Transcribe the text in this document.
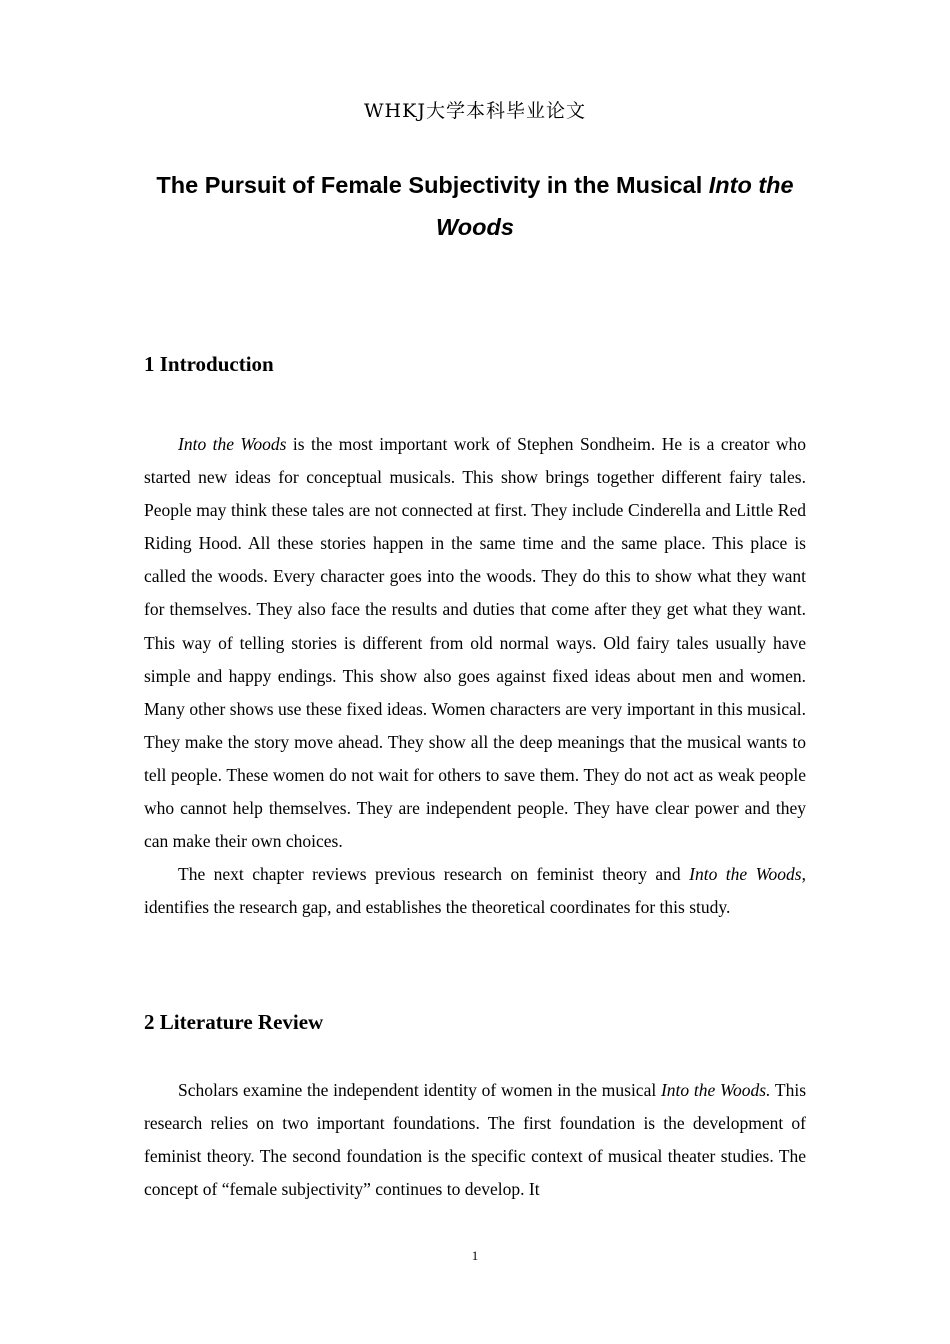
WHKJ大学本科毕业论文
The Pursuit of Female Subjectivity in the Musical Into the Woods
1 Introduction

Into the Woods is the most important work of Stephen Sondheim. He is a creator who started new ideas for conceptual musicals. This show brings together different fairy tales. People may think these tales are not connected at first. They include Cinderella and Little Red Riding Hood. All these stories happen in the same time and the same place. This place is called the woods. Every character goes into the woods. They do this to show what they want for themselves. They also face the results and duties that come after they get what they want. This way of telling stories is different from old normal ways. Old fairy tales usually have simple and happy endings. This show also goes against fixed ideas about men and women. Many other shows use these fixed ideas. Women characters are very important in this musical. They make the story move ahead. They show all the deep meanings that the musical wants to tell people. These women do not wait for others to save them. They do not act as weak people who cannot help themselves. They are independent people. They have clear power and they can make their own choices.

The next chapter reviews previous research on feminist theory and Into the Woods, identifies the research gap, and establishes the theoretical coordinates for this study.

2 Literature Review

Scholars examine the independent identity of women in the musical Into the Woods. This research relies on two important foundations. The first foundation is the development of feminist theory. The second foundation is the specific context of musical theater studies. The concept of “female subjectivity” continues to develop. It

1
